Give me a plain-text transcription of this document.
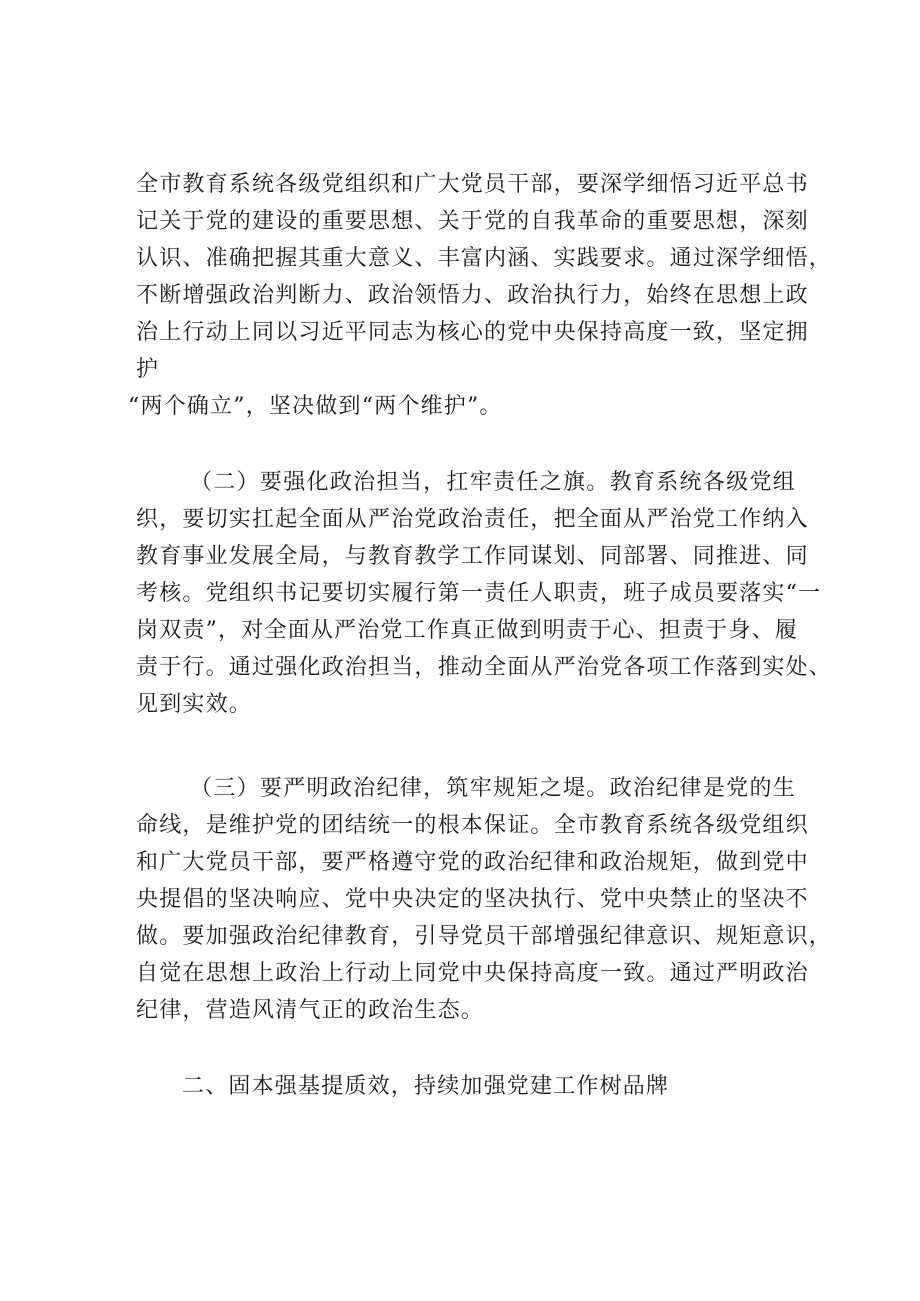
全市教育系统各级党组织和广大党员干部，要深学细悟习近平总书
记关于党的建设的重要思想、关于党的自我革命的重要思想，深刻
认识、准确把握其重大意义、丰富内涵、实践要求。通过深学细悟，
不断增强政治判断力、政治领悟力、政治执行力，始终在思想上政
治上行动上同以习近平同志为核心的党中央保持高度一致，坚定拥
护
“两个确立”，坚决做到“两个维护”。
（二）要强化政治担当，扛牢责任之旗。教育系统各级党组
织，要切实扛起全面从严治党政治责任，把全面从严治党工作纳入
教育事业发展全局，与教育教学工作同谋划、同部署、同推进、同
考核。党组织书记要切实履行第一责任人职责，班子成员要落实“一
岗双责”，对全面从严治党工作真正做到明责于心、担责于身、履
责于行。通过强化政治担当，推动全面从严治党各项工作落到实处、
见到实效。
（三）要严明政治纪律，筑牢规矩之堤。政治纪律是党的生
命线，是维护党的团结统一的根本保证。全市教育系统各级党组织
和广大党员干部，要严格遵守党的政治纪律和政治规矩，做到党中
央提倡的坚决响应、党中央决定的坚决执行、党中央禁止的坚决不
做。要加强政治纪律教育，引导党员干部增强纪律意识、规矩意识，
自觉在思想上政治上行动上同党中央保持高度一致。通过严明政治
纪律，营造风清气正的政治生态。
二、固本强基提质效，持续加强党建工作树品牌
